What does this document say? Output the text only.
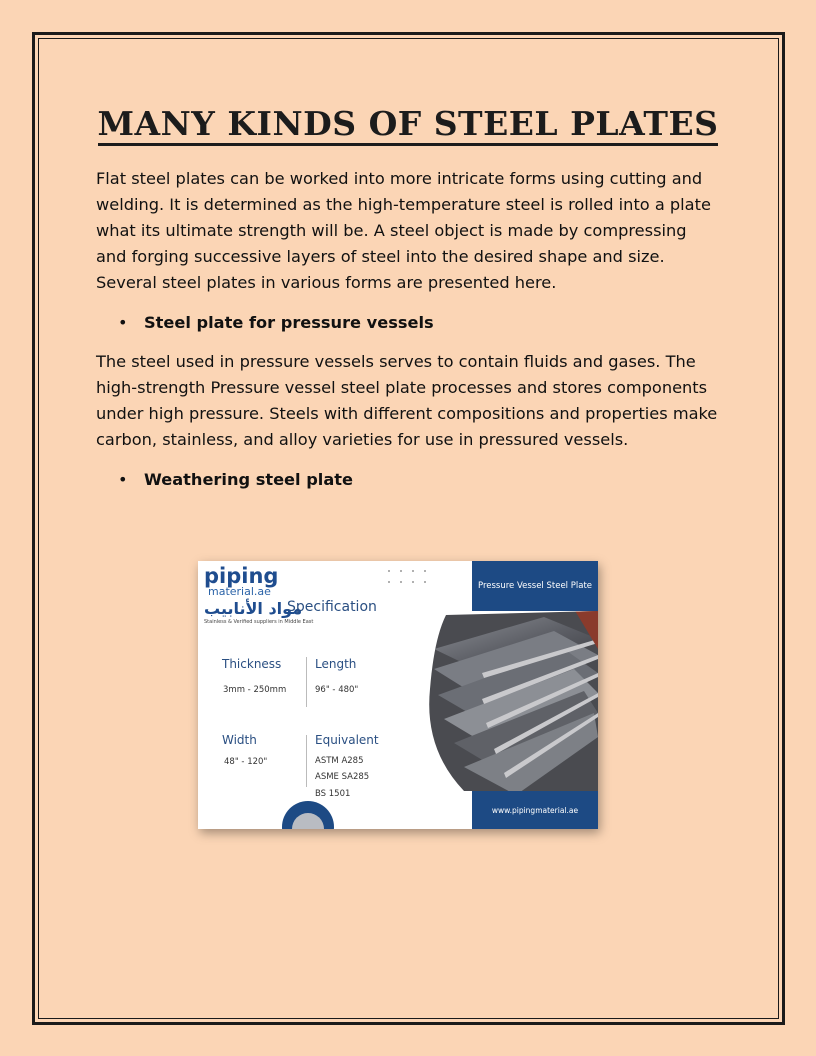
MANY KINDS OF STEEL PLATES

Flat steel plates can be worked into more intricate forms using cutting and welding. It is determined as the high-temperature steel is rolled into a plate what its ultimate strength will be. A steel object is made by compressing and forging successive layers of steel into the desired shape and size. Several steel plates in various forms are presented here.

• Steel plate for pressure vessels

The steel used in pressure vessels serves to contain fluids and gases. The high-strength Pressure vessel steel plate processes and stores components under high pressure. Steels with different compositions and properties make carbon, stainless, and alloy varieties for use in pressured vessels.

• Weathering steel plate
piping
material.ae
مواد الأنابيب
Stainless & Verified suppliers in Middle East
Specification
Thickness
3mm - 250mm
Length
96" - 480"
Width
48" - 120"
Equivalent
ASTM A285
ASME SA285
BS 1501
Pressure Vessel Steel Plate
www.pipingmaterial.ae
